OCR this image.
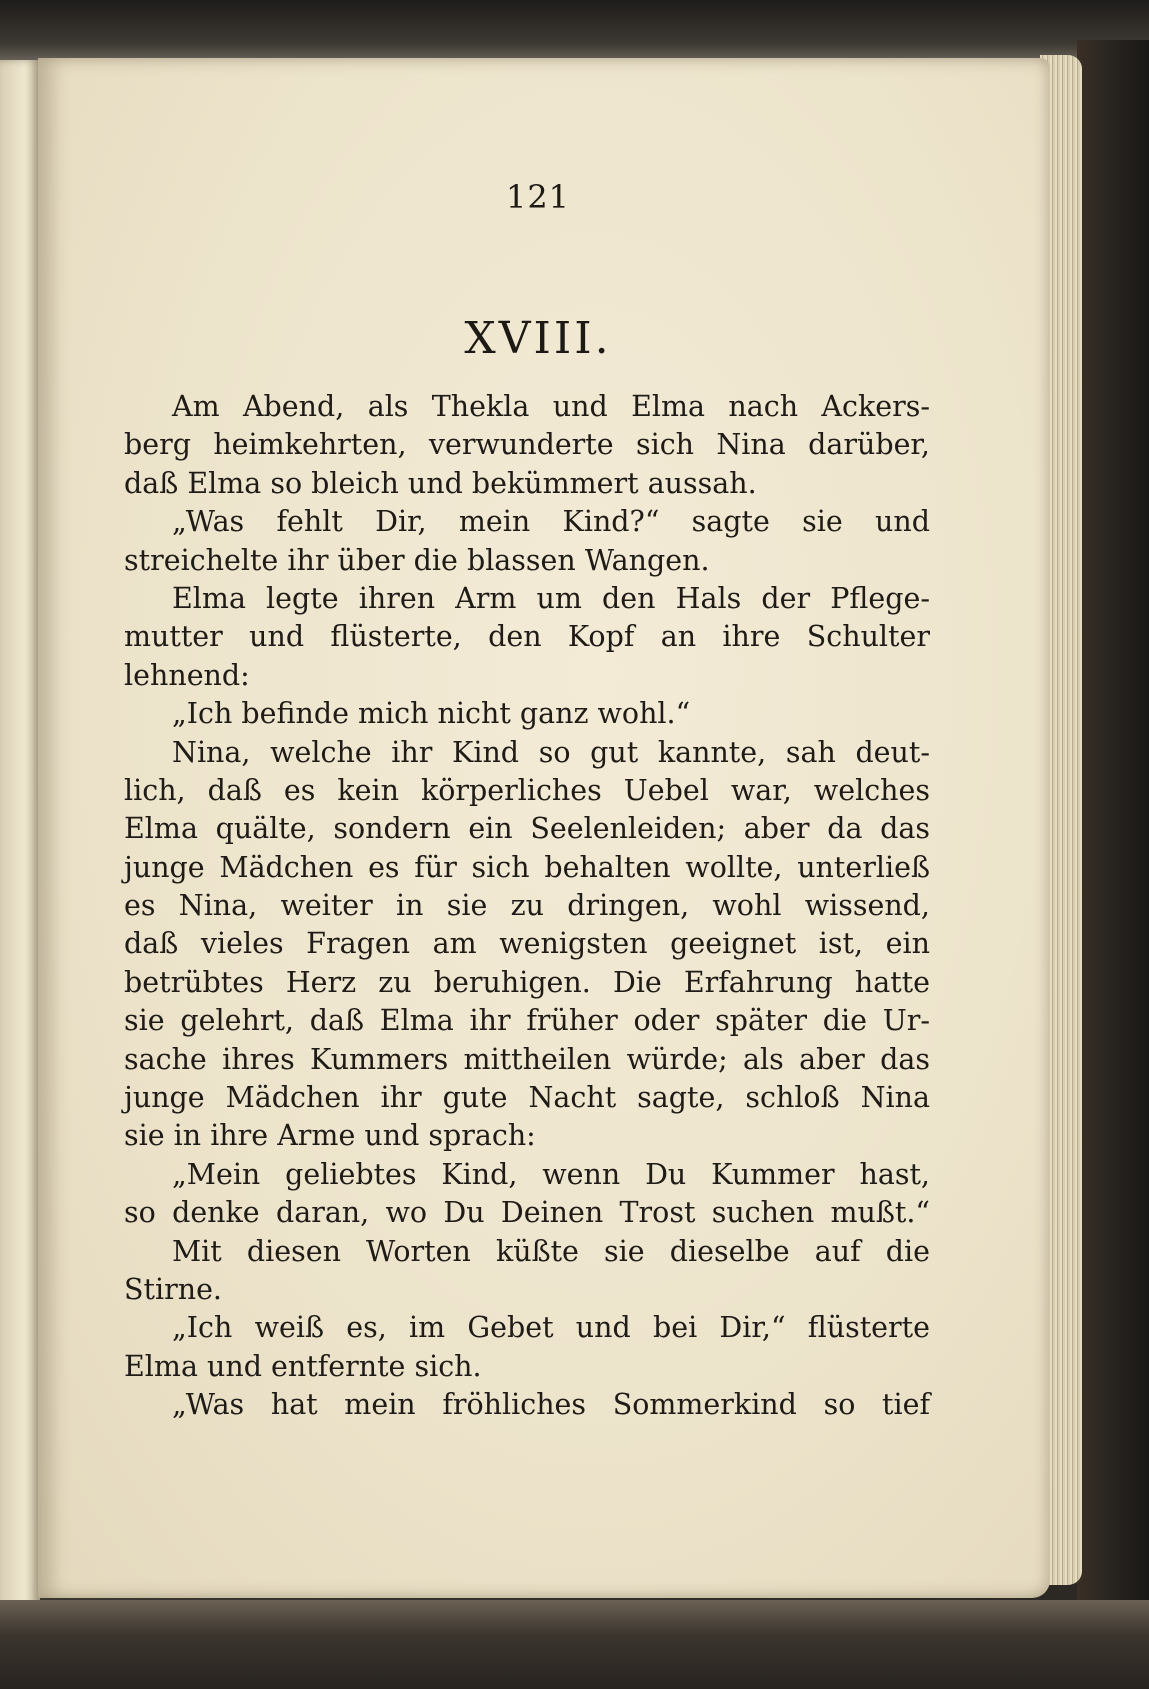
121
XVIII.
Am Abend, als Thekla und Elma nach Ackers-
berg heimkehrten, verwunderte sich Nina darüber,
daß Elma so bleich und bekümmert aussah.
„Was fehlt Dir, mein Kind?“ sagte sie und
streichelte ihr über die blassen Wangen.
Elma legte ihren Arm um den Hals der Pflege-
mutter und flüsterte, den Kopf an ihre Schulter
lehnend:
„Ich befinde mich nicht ganz wohl.“
Nina, welche ihr Kind so gut kannte, sah deut-
lich, daß es kein körperliches Uebel war, welches
Elma quälte, sondern ein Seelenleiden; aber da das
junge Mädchen es für sich behalten wollte, unterließ
es Nina, weiter in sie zu dringen, wohl wissend,
daß vieles Fragen am wenigsten geeignet ist, ein
betrübtes Herz zu beruhigen. Die Erfahrung hatte
sie gelehrt, daß Elma ihr früher oder später die Ur-
sache ihres Kummers mittheilen würde; als aber das
junge Mädchen ihr gute Nacht sagte, schloß Nina
sie in ihre Arme und sprach:
„Mein geliebtes Kind, wenn Du Kummer hast,
so denke daran, wo Du Deinen Trost suchen mußt.“
Mit diesen Worten küßte sie dieselbe auf die
Stirne.
„Ich weiß es, im Gebet und bei Dir,“ flüsterte
Elma und entfernte sich.
„Was hat mein fröhliches Sommerkind so tief
